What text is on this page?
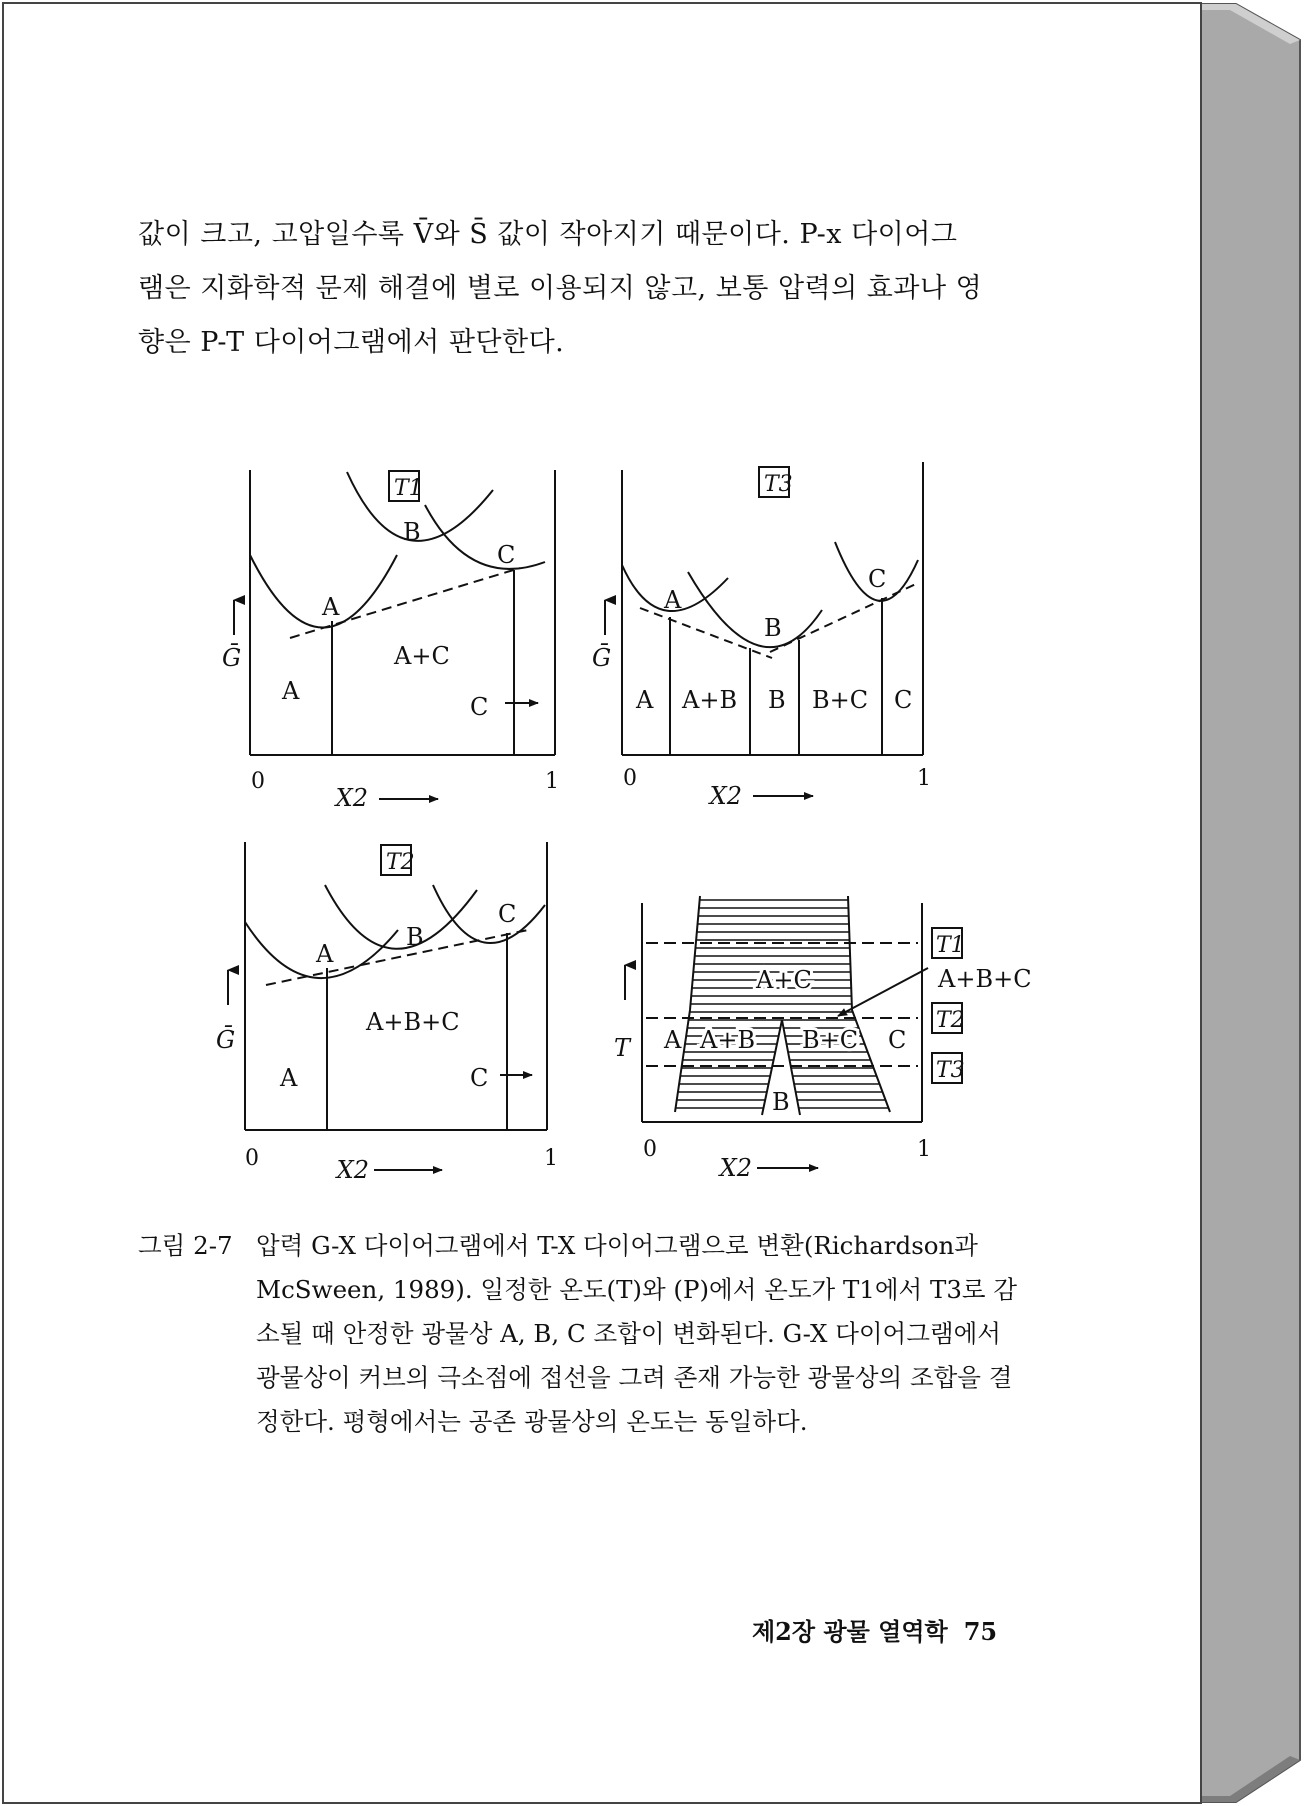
값이 크고, 고압일수록 V̄와 S̄ 값이 작아지기 때문이다. P-x 다이어그

램은 지화학적 문제 해결에 별로 이용되지 않고, 보통 압력의 효과나 영

향은 P-T 다이어그램에서 판단한다.

T1
B
C
A
Ḡ
A
A+C
C
0	1
X2
T3
A
B
C
Ḡ
A A+B B B+C C
0	1
X2
T2
A
B
C
Ḡ
A
A+B+C
C
0	1
X2
A+C
A A+B B+C C
B
A+B+C
T
T1
T2
T3
0	1
X2
그림 2-7 압력 G-X 다이어그램에서 T-X 다이어그램으로 변환(Richardson과
McSween, 1989). 일정한 온도(T)와 (P)에서 온도가 T1에서 T3로 감
소될 때 안정한 광물상 A, B, C 조합이 변화된다. G-X 다이어그램에서
광물상이 커브의 극소점에 접선을 그려 존재 가능한 광물상의 조합을 결
정한다. 평형에서는 공존 광물상의 온도는 동일하다.
제2장 광물 열역학 75
